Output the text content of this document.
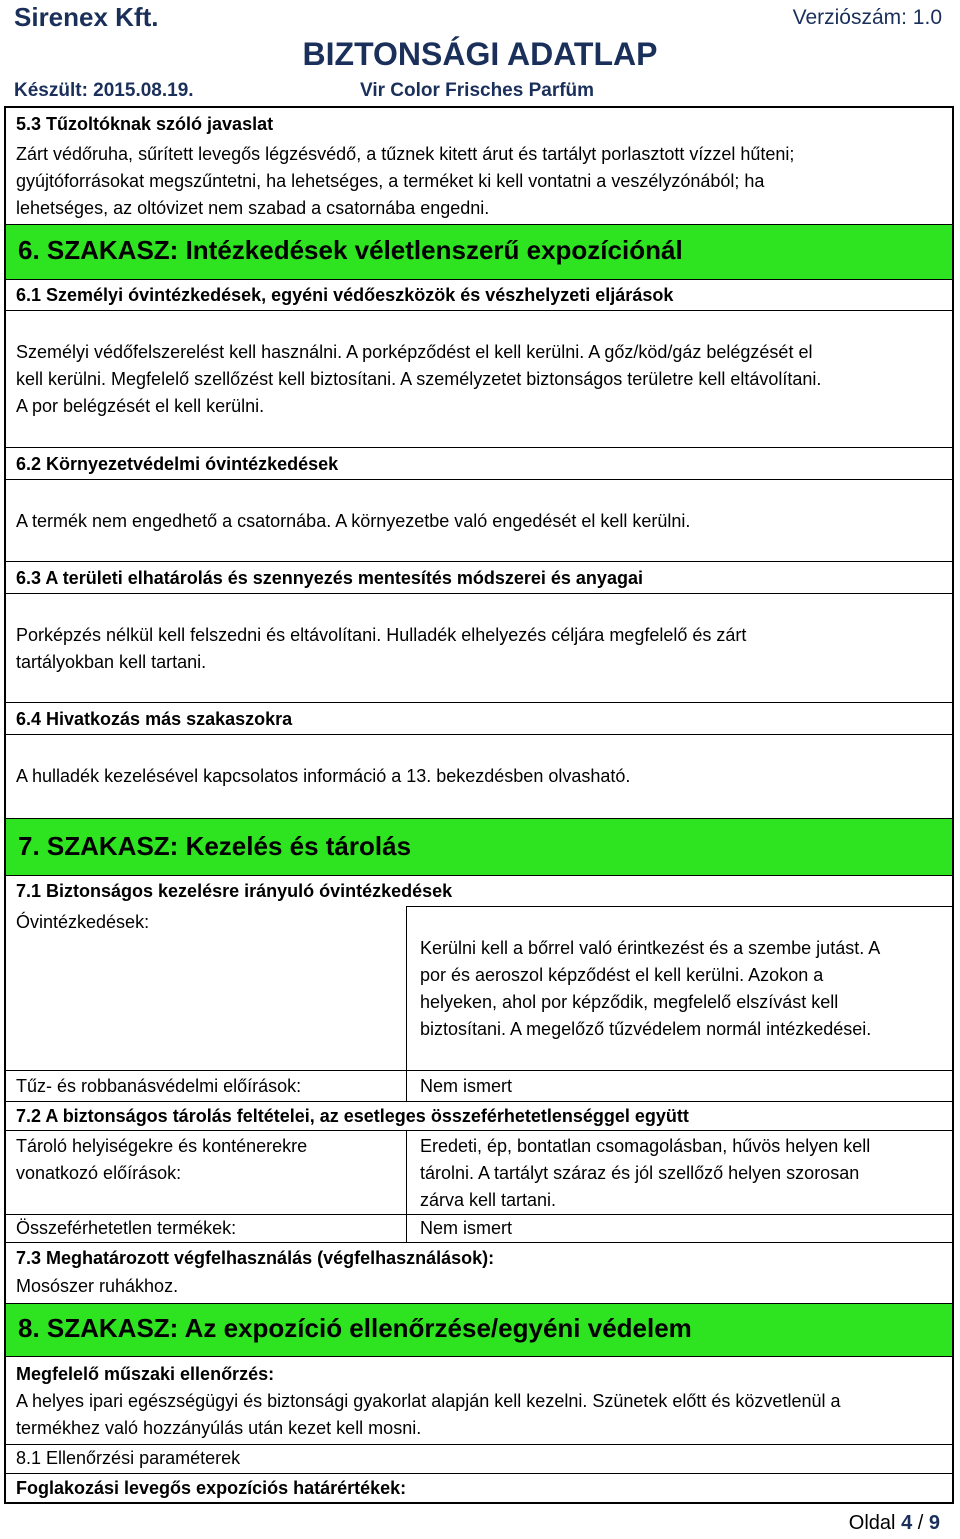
Sirenex Kft.	Verziószám: 1.0
BIZTONSÁGI ADATLAP
Készült: 2015.08.19.	Vir Color Frisches Parfüm
5.3 Tűzoltóknak szóló javaslat
Zárt védőruha, sűrített levegős légzésvédő, a tűznek kitett árut és tartályt porlasztott vízzel hűteni;
gyújtóforrásokat megszűntetni, ha lehetséges, a terméket ki kell vontatni a veszélyzónából; ha
lehetséges, az oltóvizet nem szabad a csatornába engedni.
6. SZAKASZ: Intézkedések véletlenszerű expozíciónál
6.1 Személyi óvintézkedések, egyéni védőeszközök és vészhelyzeti eljárások
Személyi védőfelszerelést kell használni. A porképződést el kell kerülni. A gőz/köd/gáz belégzését el
kell kerülni. Megfelelő szellőzést kell biztosítani. A személyzetet biztonságos területre kell eltávolítani.
A por belégzését el kell kerülni.
6.2 Környezetvédelmi óvintézkedések
A termék nem engedhető a csatornába. A környezetbe való engedését el kell kerülni.
6.3 A területi elhatárolás és szennyezés mentesítés módszerei és anyagai
Porképzés nélkül kell felszedni és eltávolítani. Hulladék elhelyezés céljára megfelelő és zárt
tartályokban kell tartani.
6.4 Hivatkozás más szakaszokra
A hulladék kezelésével kapcsolatos információ a 13. bekezdésben olvasható.
7. SZAKASZ: Kezelés és tárolás
7.1 Biztonságos kezelésre irányuló óvintézkedések
Óvintézkedések:
Kerülni kell a bőrrel való érintkezést és a szembe jutást. A
por és aeroszol képződést el kell kerülni. Azokon a
helyeken, ahol por képződik, megfelelő elszívást kell
biztosítani. A megelőző tűzvédelem normál intézkedései.
Tűz- és robbanásvédelmi előírások:	Nem ismert
7.2 A biztonságos tárolás feltételei, az esetleges összeférhetetlenséggel együtt
Tároló helyiségekre és konténerekre
vonatkozó előírások:
Eredeti, ép, bontatlan csomagolásban, hűvös helyen kell
tárolni. A tartályt száraz és jól szellőző helyen szorosan
zárva kell tartani.
Összeférhetetlen termékek:	Nem ismert
7.3 Meghatározott végfelhasználás (végfelhasználások):
Mosószer ruhákhoz.
8. SZAKASZ: Az expozíció ellenőrzése/egyéni védelem
Megfelelő műszaki ellenőrzés:
A helyes ipari egészségügyi és biztonsági gyakorlat alapján kell kezelni. Szünetek előtt és közvetlenül a
termékhez való hozzányúlás után kezet kell mosni.
8.1 Ellenőrzési paraméterek
Foglakozási levegős expozíciós határértékek:
Oldal 4 / 9
